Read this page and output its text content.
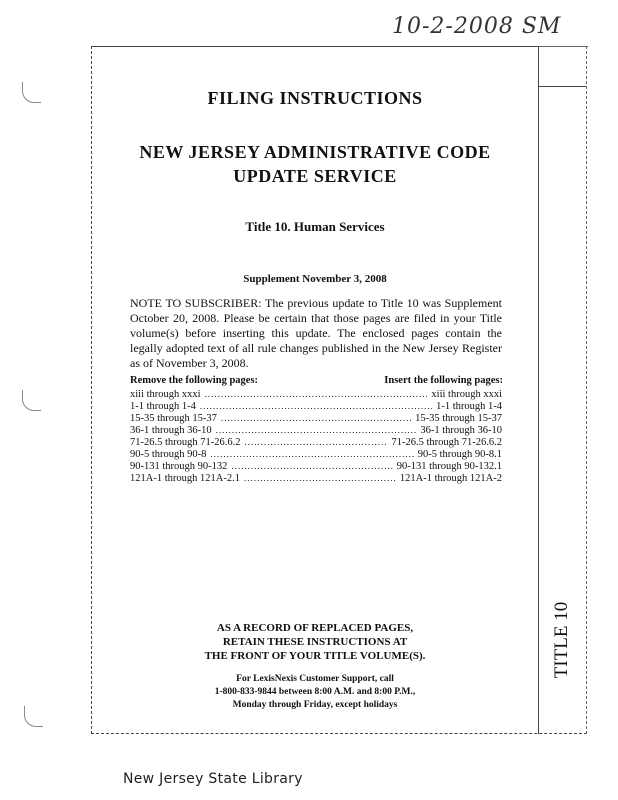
10-2-2008 SM
TITLE 10
FILING INSTRUCTIONS
NEW JERSEY ADMINISTRATIVE CODE
UPDATE SERVICE
Title 10. Human Services
Supplement November 3, 2008
NOTE TO SUBSCRIBER: The previous update to Title 10 was Supplement October 20, 2008. Please be certain that those pages are filed in your Title volume(s) before inserting this update. The enclosed pages contain the legally adopted text of all rule changes published in the New Jersey Register as of November 3, 2008.
Remove the following pages:	Insert the following pages:
xiii through xxxi .....	xiii through xxxi
1-1 through 1-4 .....	1-1 through 1-4
15-35 through 15-37 .....	15-35 through 15-37
36-1 through 36-10 .....	36-1 through 36-10
71-26.5 through 71-26.6.2 .....	71-26.5 through 71-26.6.2
90-5 through 90-8 .....	90-5 through 90-8.1
90-131 through 90-132 .....	90-131 through 90-132.1
121A-1 through 121A-2.1 .....	121A-1 through 121A-2
AS A RECORD OF REPLACED PAGES,
RETAIN THESE INSTRUCTIONS AT
THE FRONT OF YOUR TITLE VOLUME(S).
For LexisNexis Customer Support, call
1-800-833-9844 between 8:00 A.M. and 8:00 P.M.,
Monday through Friday, except holidays
New Jersey State Library
